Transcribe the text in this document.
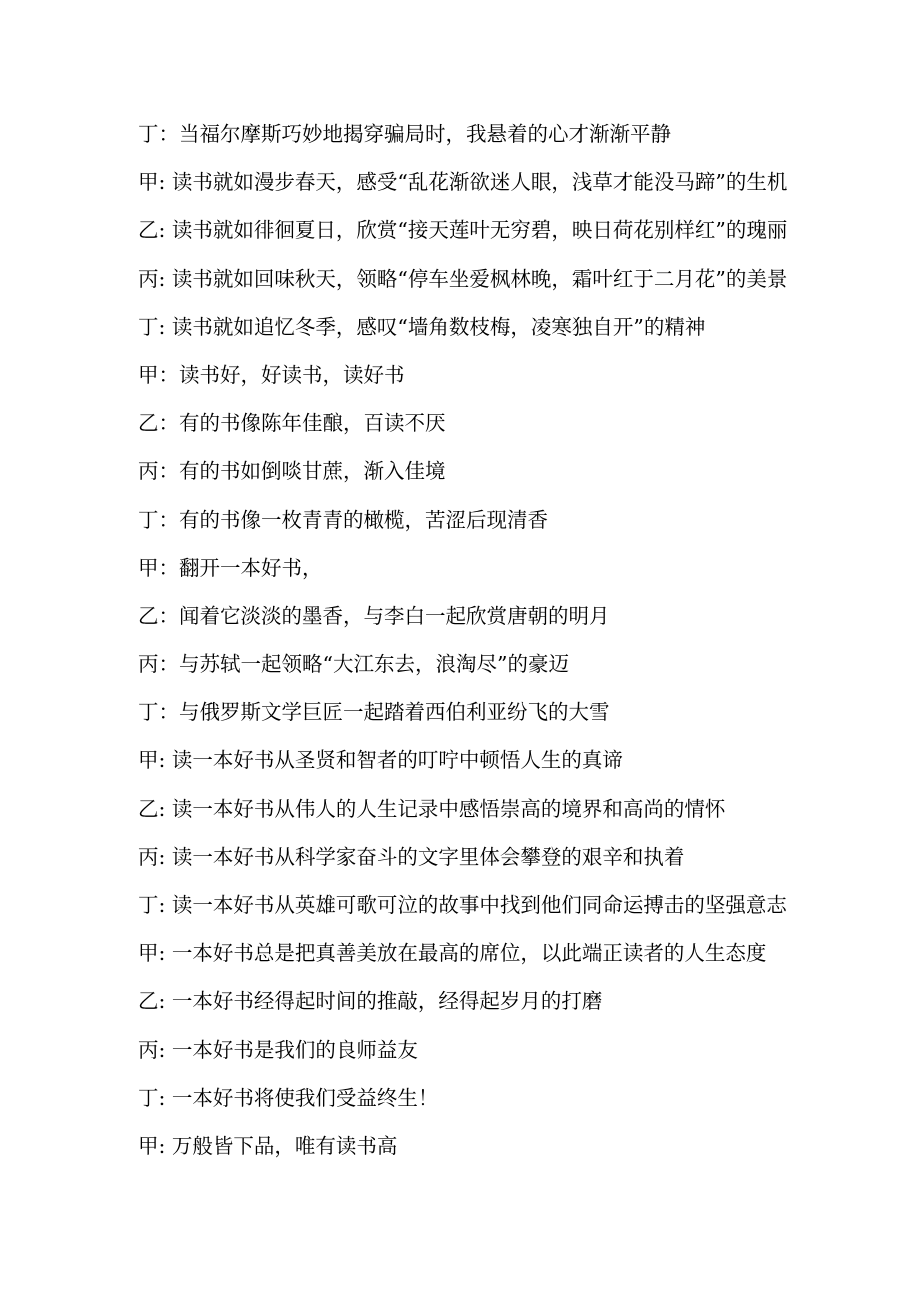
丁：当福尔摩斯巧妙地揭穿骗局时，我悬着的心才渐渐平静
甲: 读书就如漫步春天，感受“乱花渐欲迷人眼，浅草才能没马蹄”的生机
乙: 读书就如徘徊夏日，欣赏“接天莲叶无穷碧，映日荷花别样红”的瑰丽
丙: 读书就如回味秋天，领略“停车坐爱枫林晚，霜叶红于二月花”的美景
丁: 读书就如追忆冬季，感叹“墙角数枝梅，凌寒独自开”的精神
甲：读书好，好读书，读好书
乙：有的书像陈年佳酿，百读不厌
丙：有的书如倒啖甘蔗，渐入佳境
丁：有的书像一枚青青的橄榄，苦涩后现清香
甲：翻开一本好书，
乙：闻着它淡淡的墨香，与李白一起欣赏唐朝的明月
丙：与苏轼一起领略“大江东去，浪淘尽”的豪迈
丁：与俄罗斯文学巨匠一起踏着西伯利亚纷飞的大雪
甲: 读一本好书从圣贤和智者的叮咛中顿悟人生的真谛
乙: 读一本好书从伟人的人生记录中感悟崇高的境界和高尚的情怀
丙: 读一本好书从科学家奋斗的文字里体会攀登的艰辛和执着
丁: 读一本好书从英雄可歌可泣的故事中找到他们同命运搏击的坚强意志
甲: 一本好书总是把真善美放在最高的席位，以此端正读者的人生态度
乙: 一本好书经得起时间的推敲，经得起岁月的打磨
丙: 一本好书是我们的良师益友
丁: 一本好书将使我们受益终生！
甲: 万般皆下品，唯有读书高
